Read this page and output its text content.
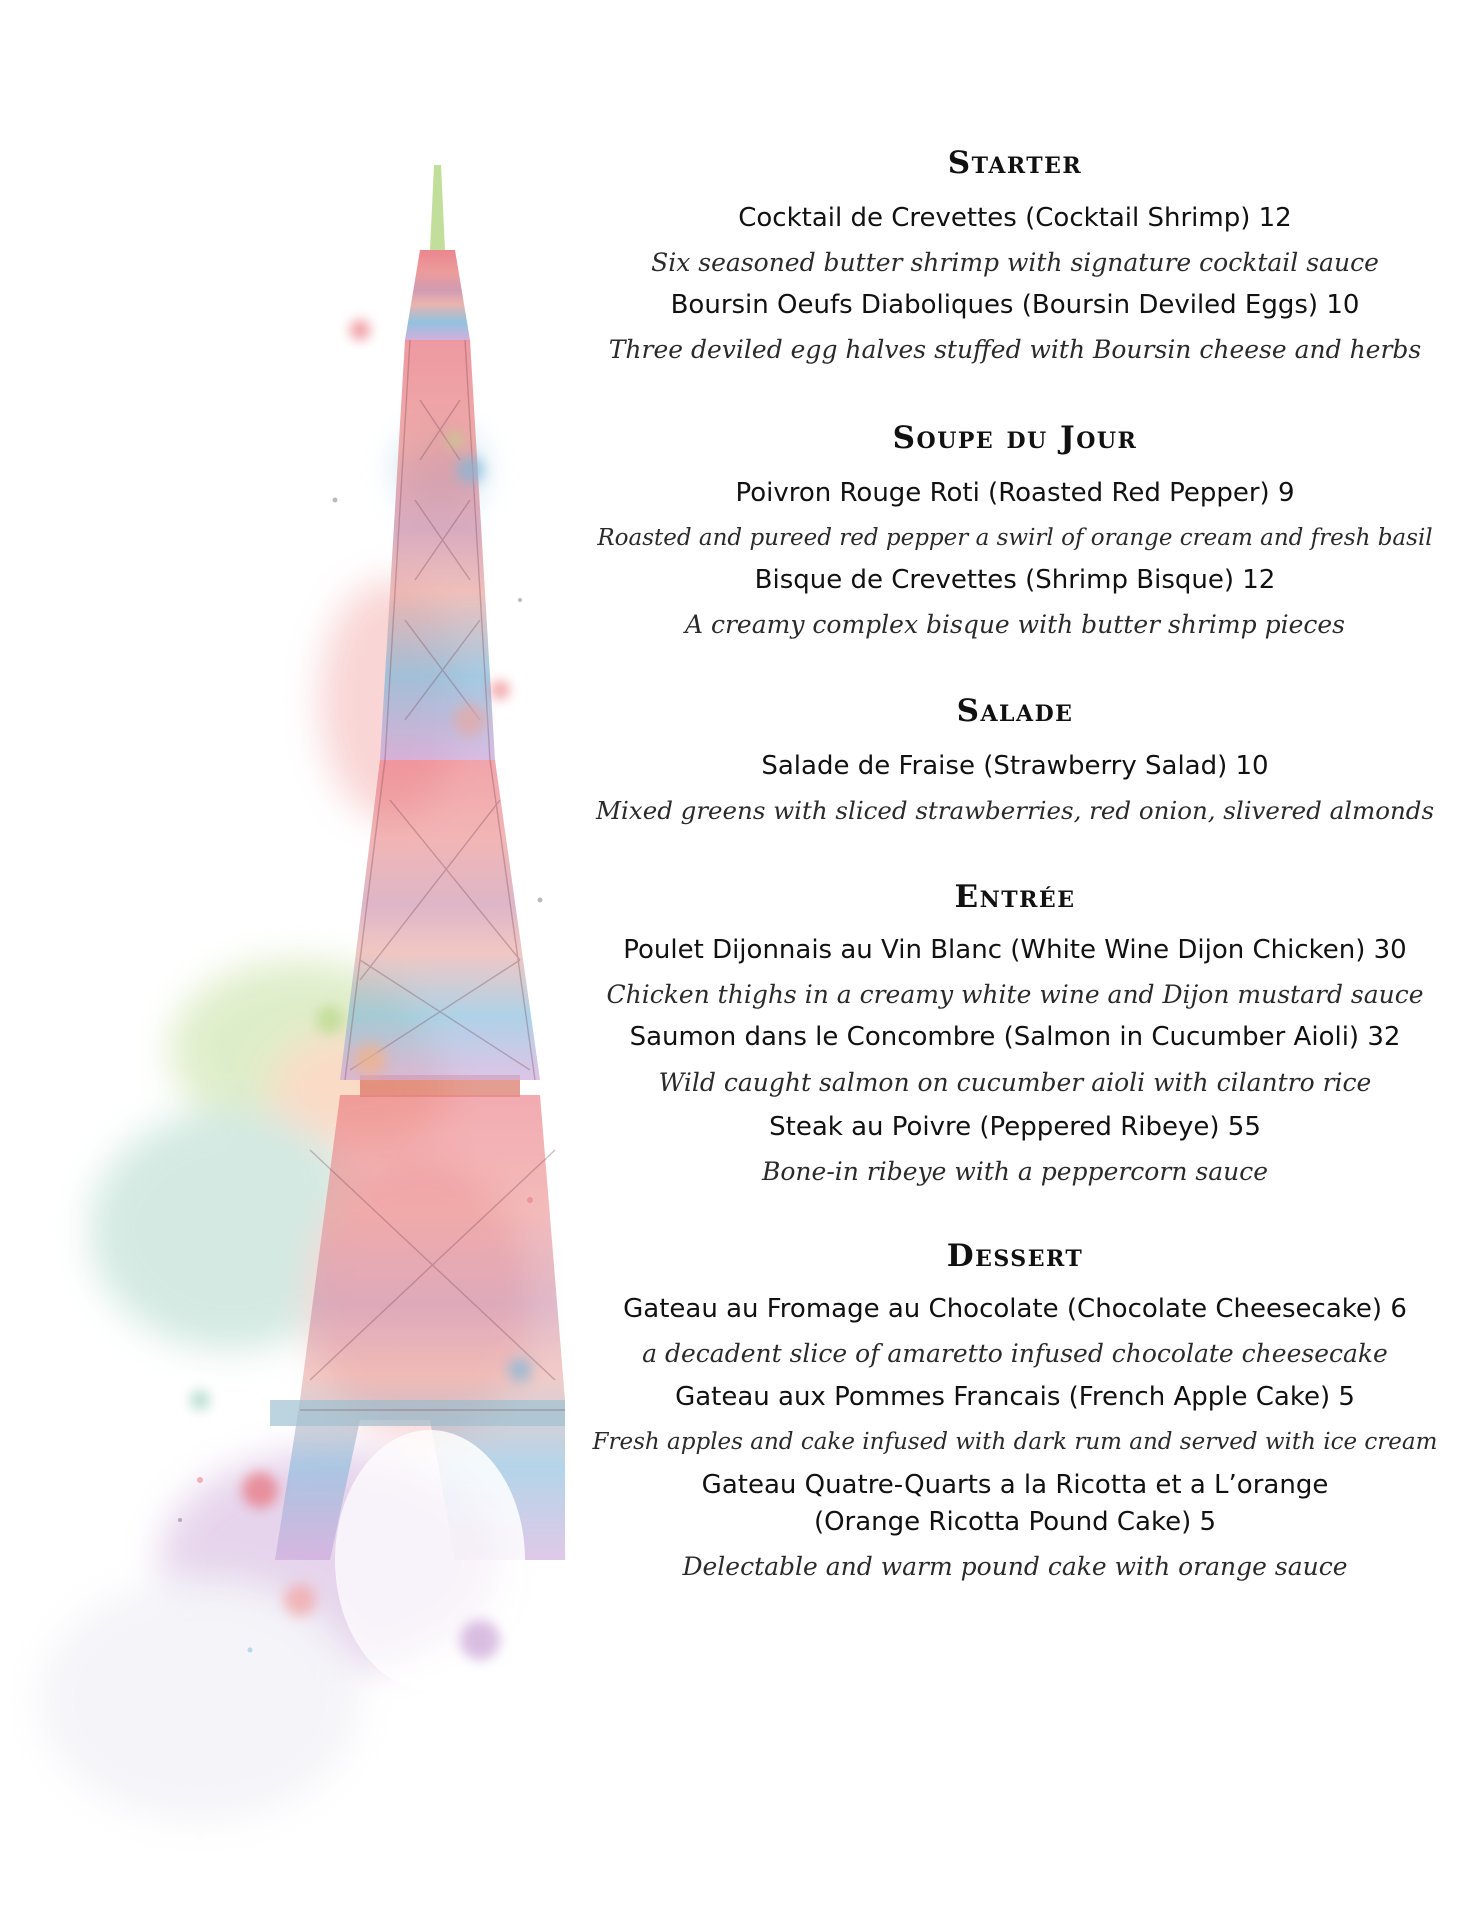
Starter
Cocktail de Crevettes (Cocktail Shrimp) 12
Six seasoned butter shrimp with signature cocktail sauce
Boursin Oeufs Diaboliques (Boursin Deviled Eggs) 10
Three deviled egg halves stuffed with Boursin cheese and herbs
Soupe du Jour
Poivron Rouge Roti (Roasted Red Pepper) 9
Roasted and pureed red pepper a swirl of orange cream and fresh basil
Bisque de Crevettes (Shrimp Bisque) 12
A creamy complex bisque with butter shrimp pieces
Salade
Salade de Fraise (Strawberry Salad) 10
Mixed greens with sliced strawberries, red onion, slivered almonds
Entrée
Poulet Dijonnais au Vin Blanc (White Wine Dijon Chicken) 30
Chicken thighs in a creamy white wine and Dijon mustard sauce
Saumon dans le Concombre (Salmon in Cucumber Aioli) 32
Wild caught salmon on cucumber aioli with cilantro rice
Steak au Poivre (Peppered Ribeye) 55
Bone-in ribeye with a peppercorn sauce
Dessert
Gateau au Fromage au Chocolate (Chocolate Cheesecake) 6
a decadent slice of amaretto infused chocolate cheesecake
Gateau aux Pommes Francais (French Apple Cake) 5
Fresh apples and cake infused with dark rum and served with ice cream
Gateau Quatre-Quarts a la Ricotta et a L’orange
(Orange Ricotta Pound Cake) 5
Delectable and warm pound cake with orange sauce
